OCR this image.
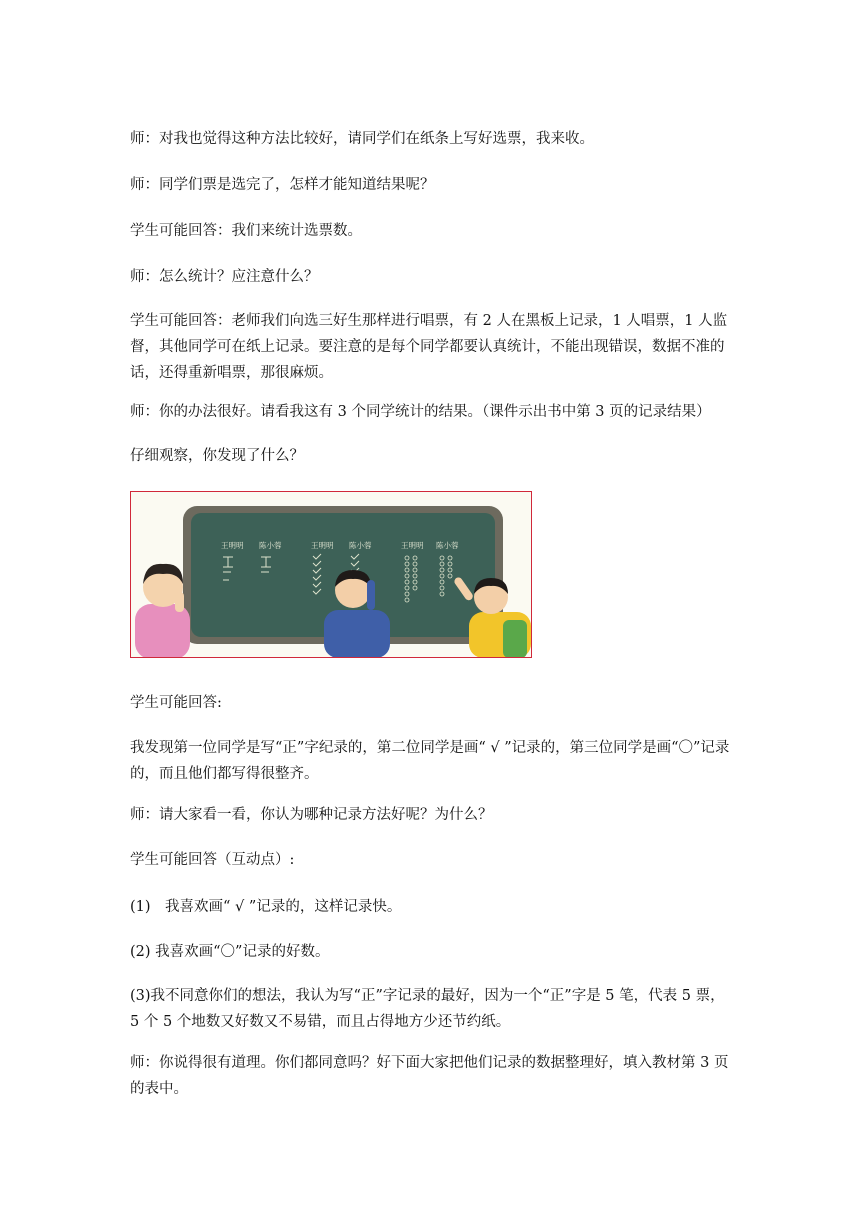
师：对我也觉得这种方法比较好，请同学们在纸条上写好选票，我来收。

师：同学们票是选完了，怎样才能知道结果呢？

学生可能回答：我们来统计选票数。

师：怎么统计？应注意什么？

学生可能回答：老师我们向选三好生那样进行唱票，有 2 人在黑板上记录，1 人唱票，1 人监督，其他同学可在纸上记录。要注意的是每个同学都要认真统计，不能出现错误，数据不准的话，还得重新唱票，那很麻烦。

师：你的办法很好。请看我这有 3 个同学统计的结果。（课件示出书中第 3 页的记录结果）

仔细观察，你发现了什么？

王明明 陈小蓉	王明明 陈小蓉	王明明 陈小蓉

学生可能回答:

我发现第一位同学是写“正”字纪录的，第二位同学是画“ √ ”记录的，第三位同学是画“〇”记录的，而且他们都写得很整齐。

师：请大家看一看，你认为哪种记录方法好呢？为什么？

学生可能回答（互动点）:

(1)　我喜欢画“ √ ”记录的，这样记录快。

(2) 我喜欢画“〇”记录的好数。

(3)我不同意你们的想法，我认为写“正”字记录的最好，因为一个“正”字是 5 笔，代表 5 票，5 个 5 个地数又好数又不易错，而且占得地方少还节约纸。

师：你说得很有道理。你们都同意吗？好下面大家把他们记录的数据整理好，填入教材第 3 页的表中。
